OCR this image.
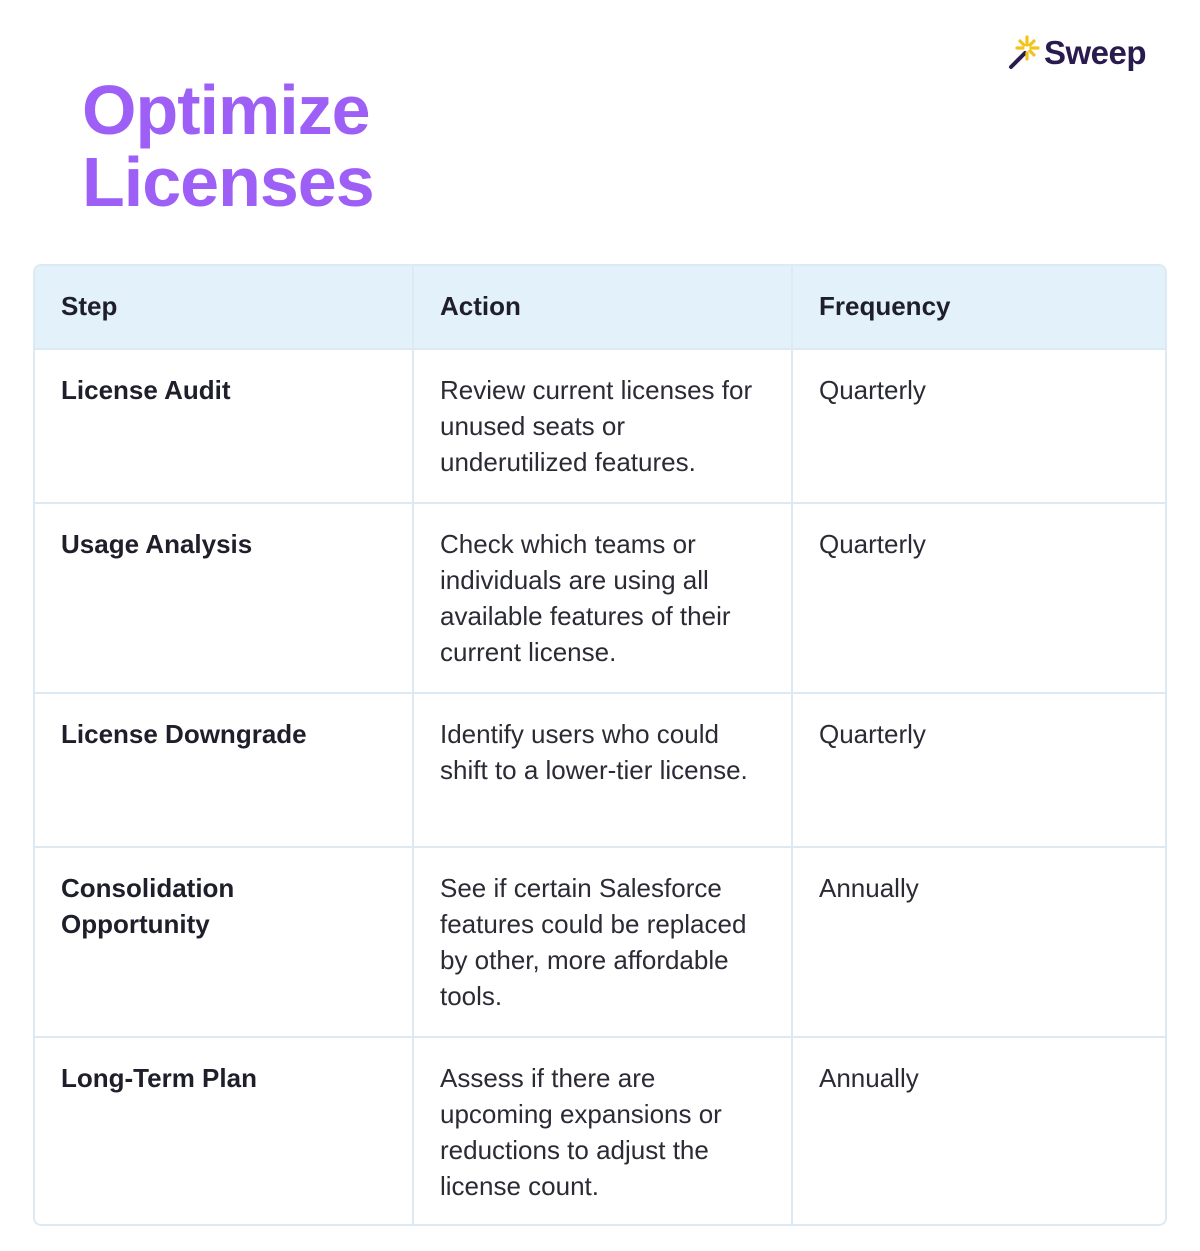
Sweep
Optimize
Licenses
Step	Action	Frequency
License Audit	Review current licenses for unused seats or underutilized features.	Quarterly
Usage Analysis	Check which teams or individuals are using all available features of their current license.	Quarterly
License Downgrade	Identify users who could shift to a lower-tier license.	Quarterly
Consolidation Opportunity	See if certain Salesforce features could be replaced by other, more affordable tools.	Annually
Long-Term Plan	Assess if there are upcoming expansions or reductions to adjust the license count.	Annually
